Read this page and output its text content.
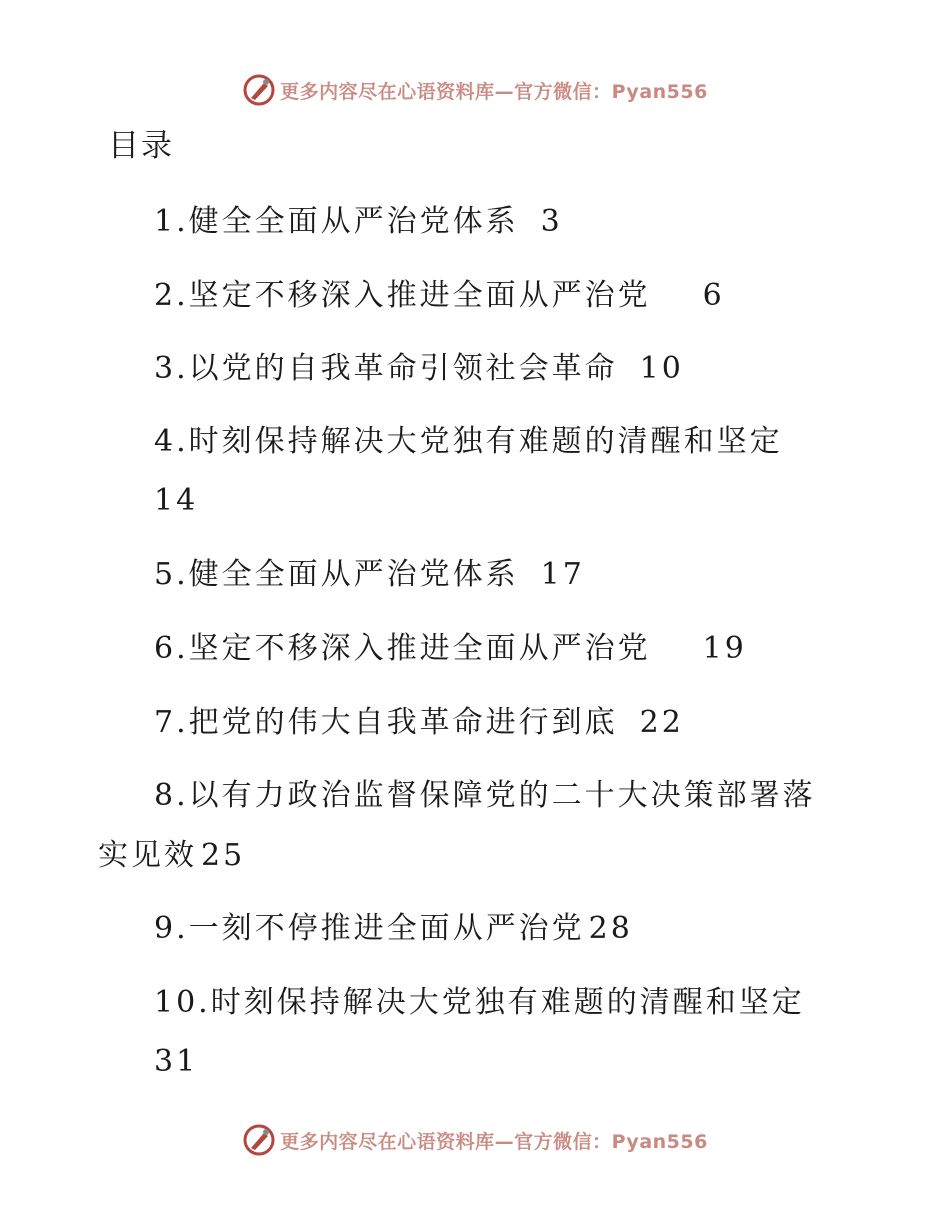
更多内容尽在心语资料库—官方微信：Pyan556
目录
1.健全全面从严治党体系 3
2.坚定不移深入推进全面从严治党 6
3.以党的自我革命引领社会革命 10
4.时刻保持解决大党独有难题的清醒和坚定
14
5.健全全面从严治党体系 17
6.坚定不移深入推进全面从严治党 19
7.把党的伟大自我革命进行到底 22
8.以有力政治监督保障党的二十大决策部署落
实见效 25
9.一刻不停推进全面从严治党 28
10.时刻保持解决大党独有难题的清醒和坚定
31
更多内容尽在心语资料库—官方微信：Pyan556
